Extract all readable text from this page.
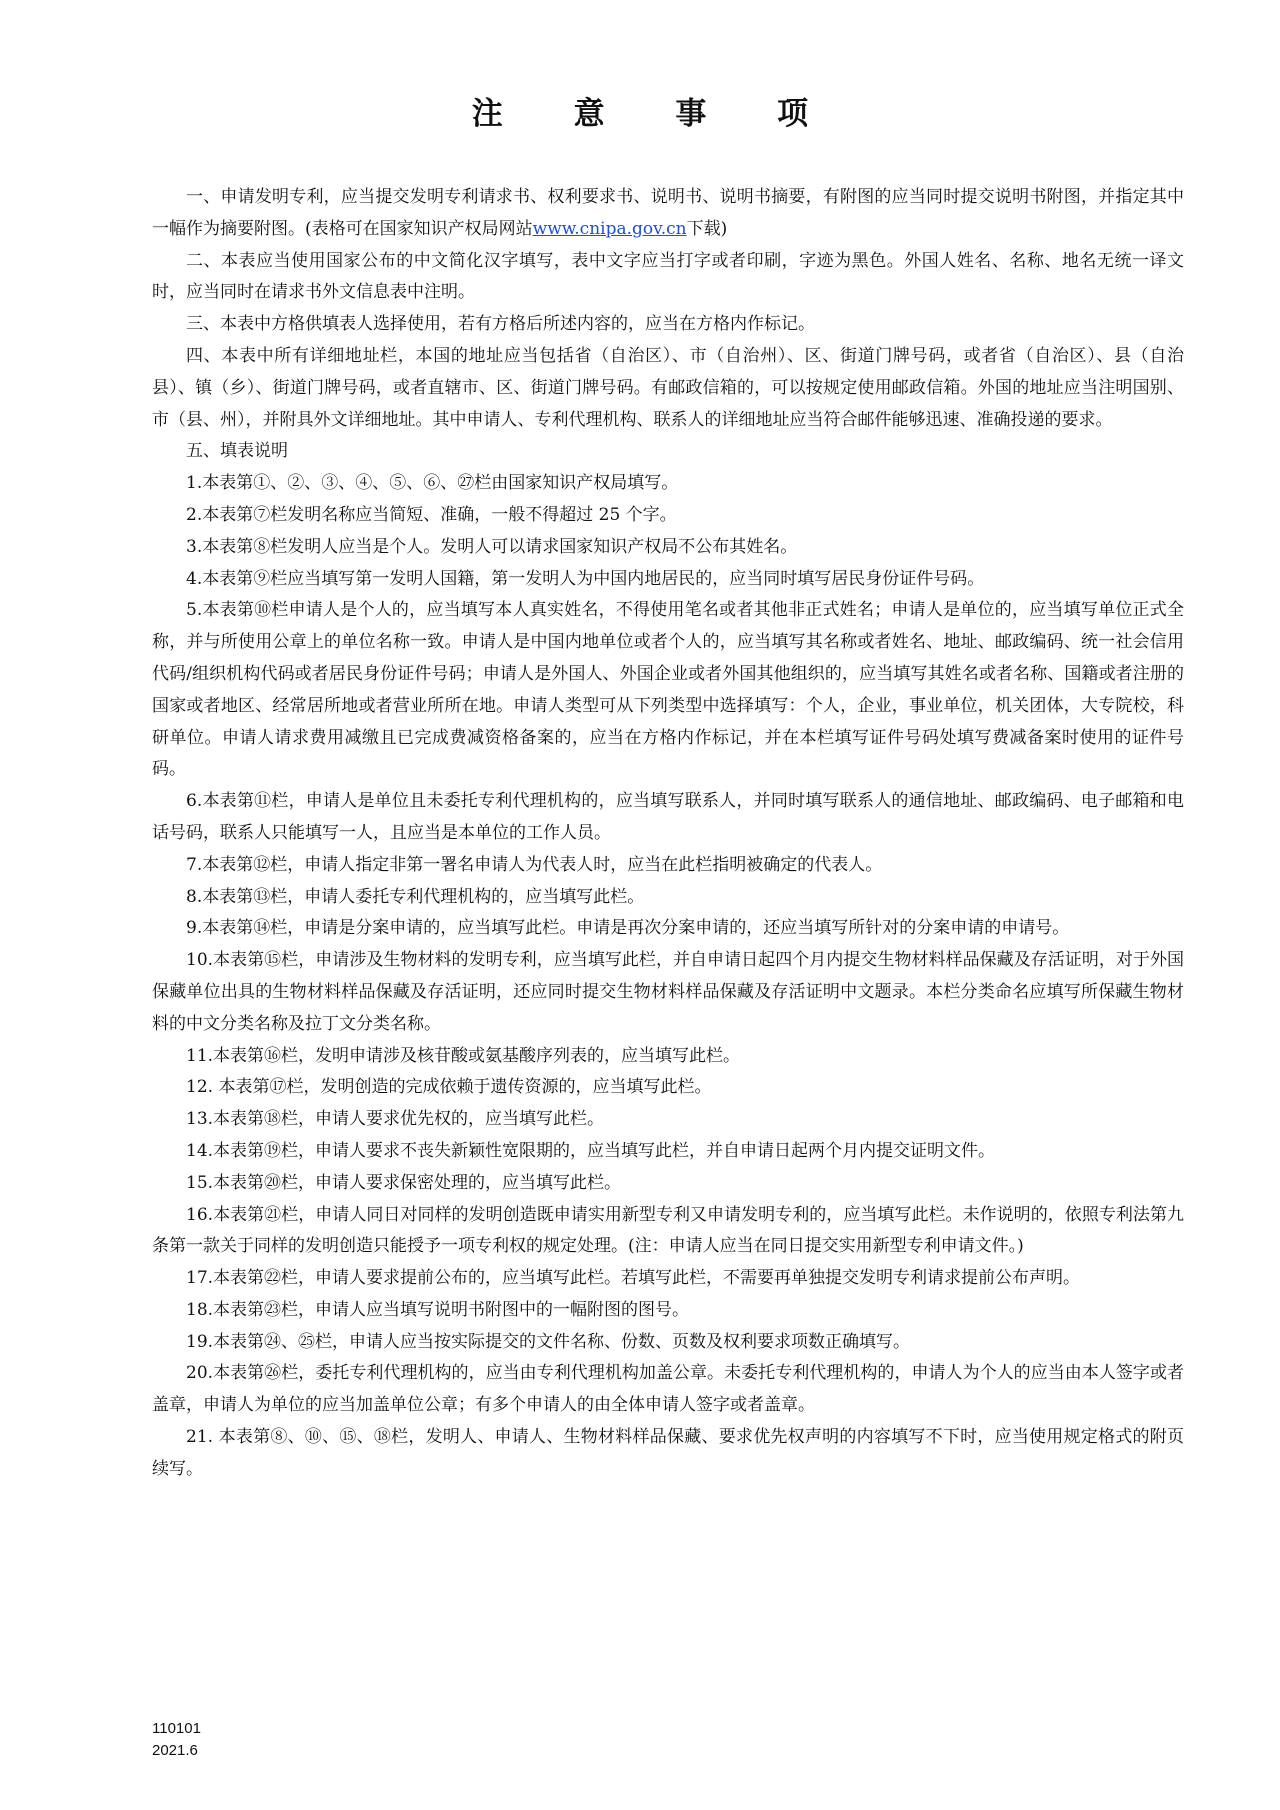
注 意 事 项

一、申请发明专利，应当提交发明专利请求书、权利要求书、说明书、说明书摘要，有附图的应当同时提交说明书附图，并指定其中一幅作为摘要附图。(表格可在国家知识产权局网站www.cnipa.gov.cn下载)

二、本表应当使用国家公布的中文简化汉字填写，表中文字应当打字或者印刷，字迹为黑色。外国人姓名、名称、地名无统一译文时，应当同时在请求书外文信息表中注明。

三、本表中方格供填表人选择使用，若有方格后所述内容的，应当在方格内作标记。

四、本表中所有详细地址栏，本国的地址应当包括省（自治区）、市（自治州）、区、街道门牌号码，或者省（自治区）、县（自治县）、镇（乡）、街道门牌号码，或者直辖市、区、街道门牌号码。有邮政信箱的，可以按规定使用邮政信箱。外国的地址应当注明国别、市（县、州），并附具外文详细地址。其中申请人、专利代理机构、联系人的详细地址应当符合邮件能够迅速、准确投递的要求。

五、填表说明

1.本表第①、②、③、④、⑤、⑥、㉗栏由国家知识产权局填写。

2.本表第⑦栏发明名称应当简短、准确，一般不得超过 25 个字。

3.本表第⑧栏发明人应当是个人。发明人可以请求国家知识产权局不公布其姓名。

4.本表第⑨栏应当填写第一发明人国籍，第一发明人为中国内地居民的，应当同时填写居民身份证件号码。

5.本表第⑩栏申请人是个人的，应当填写本人真实姓名，不得使用笔名或者其他非正式姓名；申请人是单位的，应当填写单位正式全称，并与所使用公章上的单位名称一致。申请人是中国内地单位或者个人的，应当填写其名称或者姓名、地址、邮政编码、统一社会信用代码/组织机构代码或者居民身份证件号码；申请人是外国人、外国企业或者外国其他组织的，应当填写其姓名或者名称、国籍或者注册的国家或者地区、经常居所地或者营业所所在地。申请人类型可从下列类型中选择填写：个人，企业，事业单位，机关团体，大专院校，科研单位。申请人请求费用减缴且已完成费减资格备案的，应当在方格内作标记，并在本栏填写证件号码处填写费减备案时使用的证件号码。

6.本表第⑪栏，申请人是单位且未委托专利代理机构的，应当填写联系人，并同时填写联系人的通信地址、邮政编码、电子邮箱和电话号码，联系人只能填写一人，且应当是本单位的工作人员。

7.本表第⑫栏，申请人指定非第一署名申请人为代表人时，应当在此栏指明被确定的代表人。

8.本表第⑬栏，申请人委托专利代理机构的，应当填写此栏。

9.本表第⑭栏，申请是分案申请的，应当填写此栏。申请是再次分案申请的，还应当填写所针对的分案申请的申请号。

10.本表第⑮栏，申请涉及生物材料的发明专利，应当填写此栏，并自申请日起四个月内提交生物材料样品保藏及存活证明，对于外国保藏单位出具的生物材料样品保藏及存活证明，还应同时提交生物材料样品保藏及存活证明中文题录。本栏分类命名应填写所保藏生物材料的中文分类名称及拉丁文分类名称。

11.本表第⑯栏，发明申请涉及核苷酸或氨基酸序列表的，应当填写此栏。

12. 本表第⑰栏，发明创造的完成依赖于遗传资源的，应当填写此栏。

13.本表第⑱栏，申请人要求优先权的，应当填写此栏。

14.本表第⑲栏，申请人要求不丧失新颖性宽限期的，应当填写此栏，并自申请日起两个月内提交证明文件。

15.本表第⑳栏，申请人要求保密处理的，应当填写此栏。

16.本表第㉑栏，申请人同日对同样的发明创造既申请实用新型专利又申请发明专利的，应当填写此栏。未作说明的，依照专利法第九条第一款关于同样的发明创造只能授予一项专利权的规定处理。(注：申请人应当在同日提交实用新型专利申请文件。)

17.本表第㉒栏，申请人要求提前公布的，应当填写此栏。若填写此栏，不需要再单独提交发明专利请求提前公布声明。

18.本表第㉓栏，申请人应当填写说明书附图中的一幅附图的图号。

19.本表第㉔、㉕栏，申请人应当按实际提交的文件名称、份数、页数及权利要求项数正确填写。

20.本表第㉖栏，委托专利代理机构的，应当由专利代理机构加盖公章。未委托专利代理机构的，申请人为个人的应当由本人签字或者盖章，申请人为单位的应当加盖单位公章；有多个申请人的由全体申请人签字或者盖章。

21. 本表第⑧、⑩、⑮、⑱栏，发明人、申请人、生物材料样品保藏、要求优先权声明的内容填写不下时，应当使用规定格式的附页续写。

110101
2021.6
